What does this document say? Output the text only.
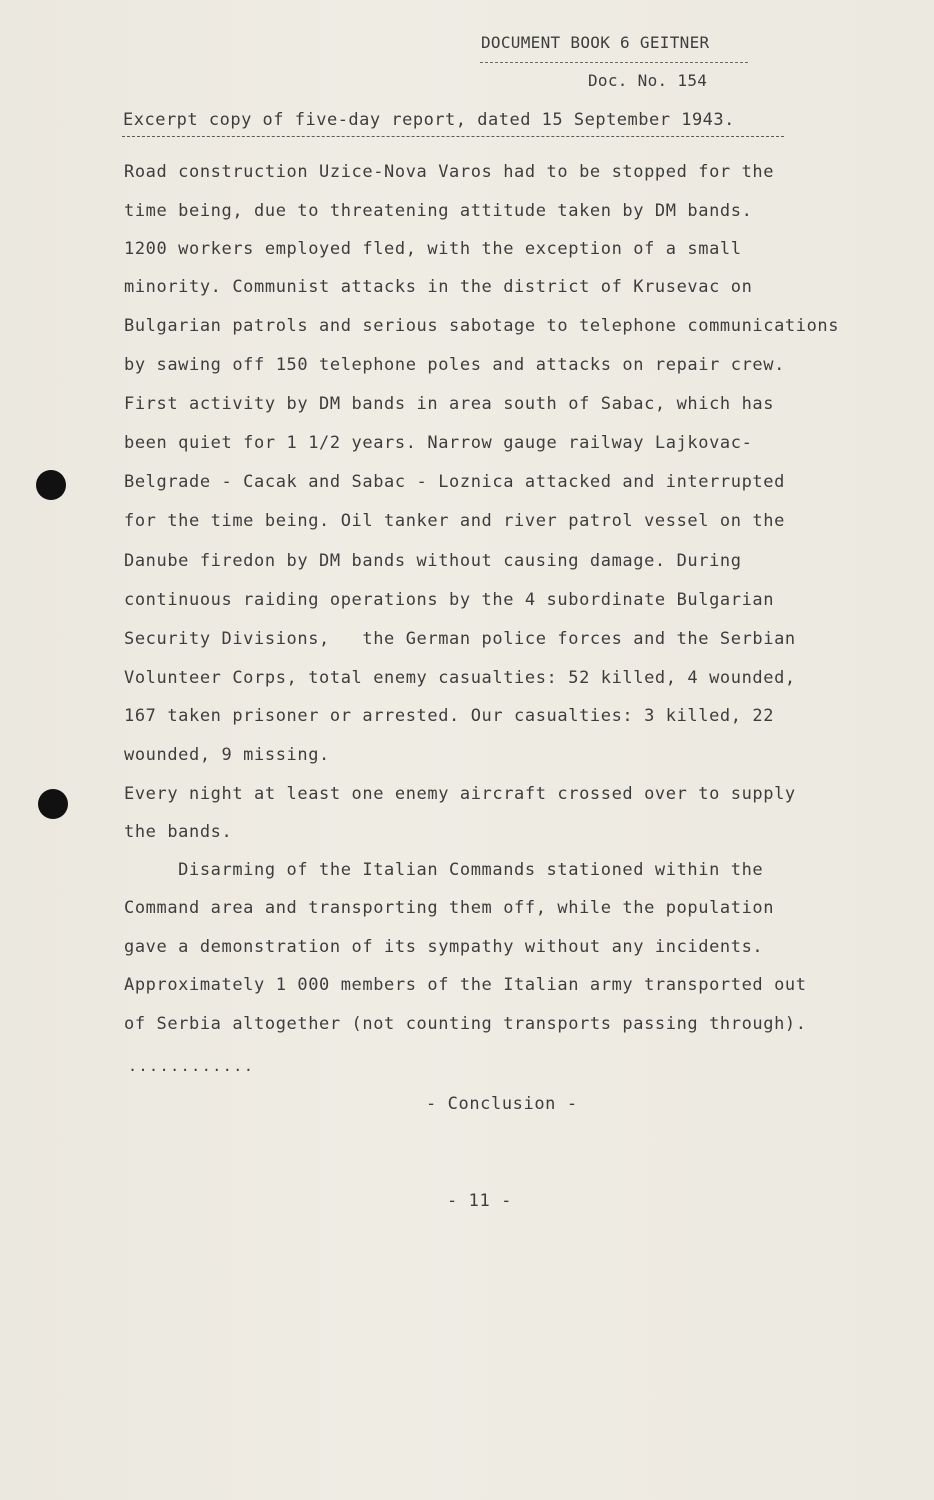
DOCUMENT BOOK 6 GEITNER
Doc. No. 154
Excerpt copy of five-day report, dated 15 September 1943.
Road construction Uzice-Nova Varos had to be stopped for the
time being, due to threatening attitude taken by DM bands.
1200 workers employed fled, with the exception of a small
minority. Communist attacks in the district of Krusevac on
Bulgarian patrols and serious sabotage to telephone communications
by sawing off 150 telephone poles and attacks on repair crew.
First activity by DM bands in area south of Sabac, which has
been quiet for 1 1/2 years. Narrow gauge railway Lajkovac-
Belgrade - Cacak and Sabac - Loznica attacked and interrupted
for the time being. Oil tanker and river patrol vessel on the
Danube firedon by DM bands without causing damage. During
continuous raiding operations by the 4 subordinate Bulgarian
Security Divisions,   the German police forces and the Serbian
Volunteer Corps, total enemy casualties: 52 killed, 4 wounded,
167 taken prisoner or arrested. Our casualties: 3 killed, 22
wounded, 9 missing.
Every night at least one enemy aircraft crossed over to supply
the bands.
Disarming of the Italian Commands stationed within the
Command area and transporting them off, while the population
gave a demonstration of its sympathy without any incidents.
Approximately 1 000 members of the Italian army transported out
of Serbia altogether (not counting transports passing through).
............
- Conclusion -
- 11 -
